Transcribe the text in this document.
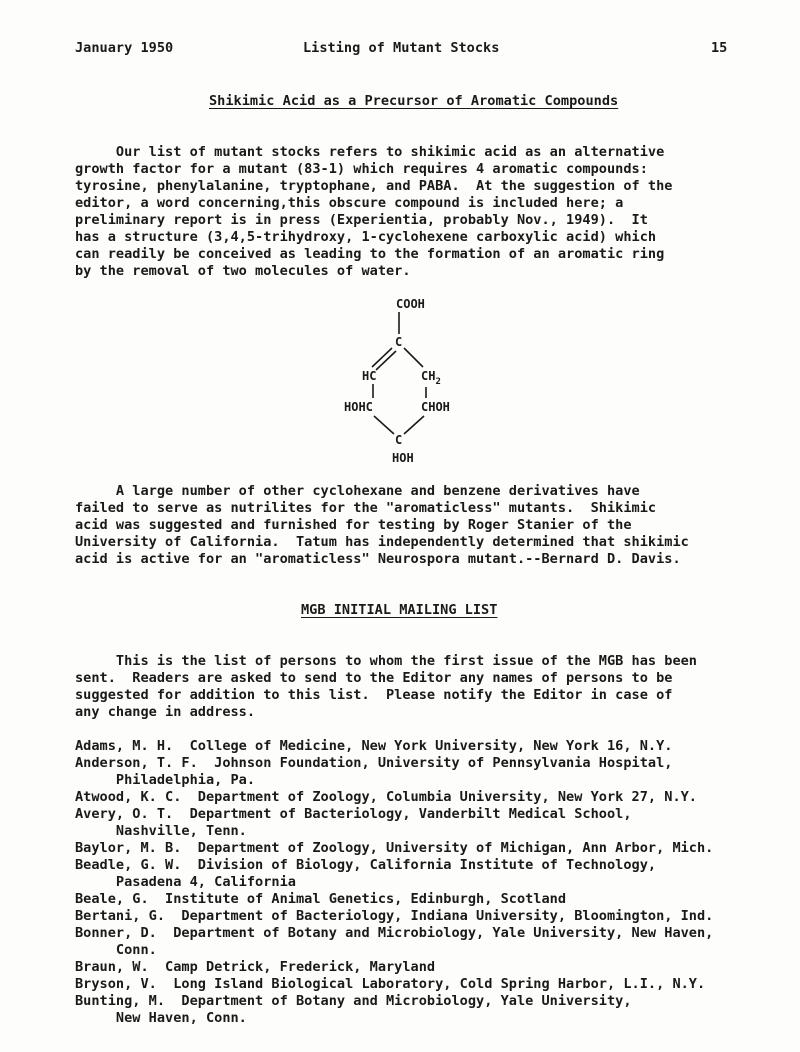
January 1950	Listing of Mutant Stocks	15
Shikimic Acid as a Precursor of Aromatic Compounds
Our list of mutant stocks refers to shikimic acid as an alternative
growth factor for a mutant (83-1) which requires 4 aromatic compounds:
tyrosine, phenylalanine, tryptophane, and PABA.  At the suggestion of the
editor, a word concerning,this obscure compound is included here; a
preliminary report is in press (Experientia, probably Nov., 1949).  It
has a structure (3,4,5-trihydroxy, 1-cyclohexene carboxylic acid) which
can readily be conceived as leading to the formation of an aromatic ring
by the removal of two molecules of water.
COOH
C
HC	$CH_2$
HOHC	CHOH
C
HOH
A large number of other cyclohexane and benzene derivatives have
failed to serve as nutrilites for the "aromaticless" mutants.  Shikimic
acid was suggested and furnished for testing by Roger Stanier of the
University of California.  Tatum has independently determined that shikimic
acid is active for an "aromaticless" Neurospora mutant.--Bernard D. Davis.
MGB INITIAL MAILING LIST
This is the list of persons to whom the first issue of the MGB has been
sent.  Readers are asked to send to the Editor any names of persons to be
suggested for addition to this list.  Please notify the Editor in case of
any change in address.
Adams, M. H.  College of Medicine, New York University, New York 16, N.Y.
Anderson, T. F.  Johnson Foundation, University of Pennsylvania Hospital,
Philadelphia, Pa.
Atwood, K. C.  Department of Zoology, Columbia University, New York 27, N.Y.
Avery, O. T.  Department of Bacteriology, Vanderbilt Medical School,
Nashville, Tenn.
Baylor, M. B.  Department of Zoology, University of Michigan, Ann Arbor, Mich.
Beadle, G. W.  Division of Biology, California Institute of Technology,
Pasadena 4, California
Beale, G.  Institute of Animal Genetics, Edinburgh, Scotland
Bertani, G.  Department of Bacteriology, Indiana University, Bloomington, Ind.
Bonner, D.  Department of Botany and Microbiology, Yale University, New Haven,
Conn.
Braun, W.  Camp Detrick, Frederick, Maryland
Bryson, V.  Long Island Biological Laboratory, Cold Spring Harbor, L.I., N.Y.
Bunting, M.  Department of Botany and Microbiology, Yale University,
New Haven, Conn.
